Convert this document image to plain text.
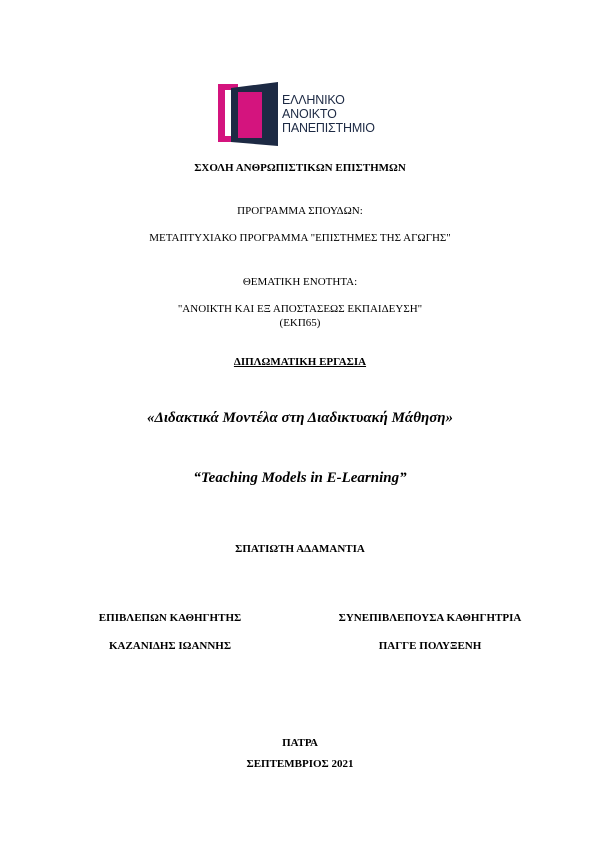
ΕΛΛΗΝΙΚΟ
ΑΝΟΙΚΤΟ
ΠΑΝΕΠΙΣΤΗΜΙΟ
ΣΧΟΛΗ ΑΝΘΡΩΠΙΣΤΙΚΩΝ ΕΠΙΣΤΗΜΩΝ
ΠΡΟΓΡΑΜΜΑ ΣΠΟΥΔΩΝ:
ΜΕΤΑΠΤΥΧΙΑΚΟ ΠΡΟΓΡΑΜΜΑ "ΕΠΙΣΤΗΜΕΣ ΤΗΣ ΑΓΩΓΗΣ"
ΘΕΜΑΤΙΚΗ ΕΝΟΤΗΤΑ:
"ΑΝΟΙΚΤΗ ΚΑΙ ΕΞ ΑΠΟΣΤΑΣΕΩΣ ΕΚΠΑΙΔΕΥΣΗ"
(ΕΚΠ65)
ΔΙΠΛΩΜΑΤΙΚΗ ΕΡΓΑΣΙΑ
«Διδακτικά Μοντέλα στη Διαδικτυακή Μάθηση»
“Teaching Models in E-Learning”
ΣΠΑΤΙΩΤΗ ΑΔΑΜΑΝΤΙΑ
ΕΠΙΒΛΕΠΩΝ ΚΑΘΗΓΗΤΗΣ
ΚΑΖΑΝΙΔΗΣ ΙΩΑΝΝΗΣ
ΣΥΝΕΠΙΒΛΕΠΟΥΣΑ ΚΑΘΗΓΗΤΡΙΑ
ΠΑΓΓΕ ΠΟΛΥΞΕΝΗ
ΠΑΤΡΑ
ΣΕΠΤΕΜΒΡΙΟΣ 2021
